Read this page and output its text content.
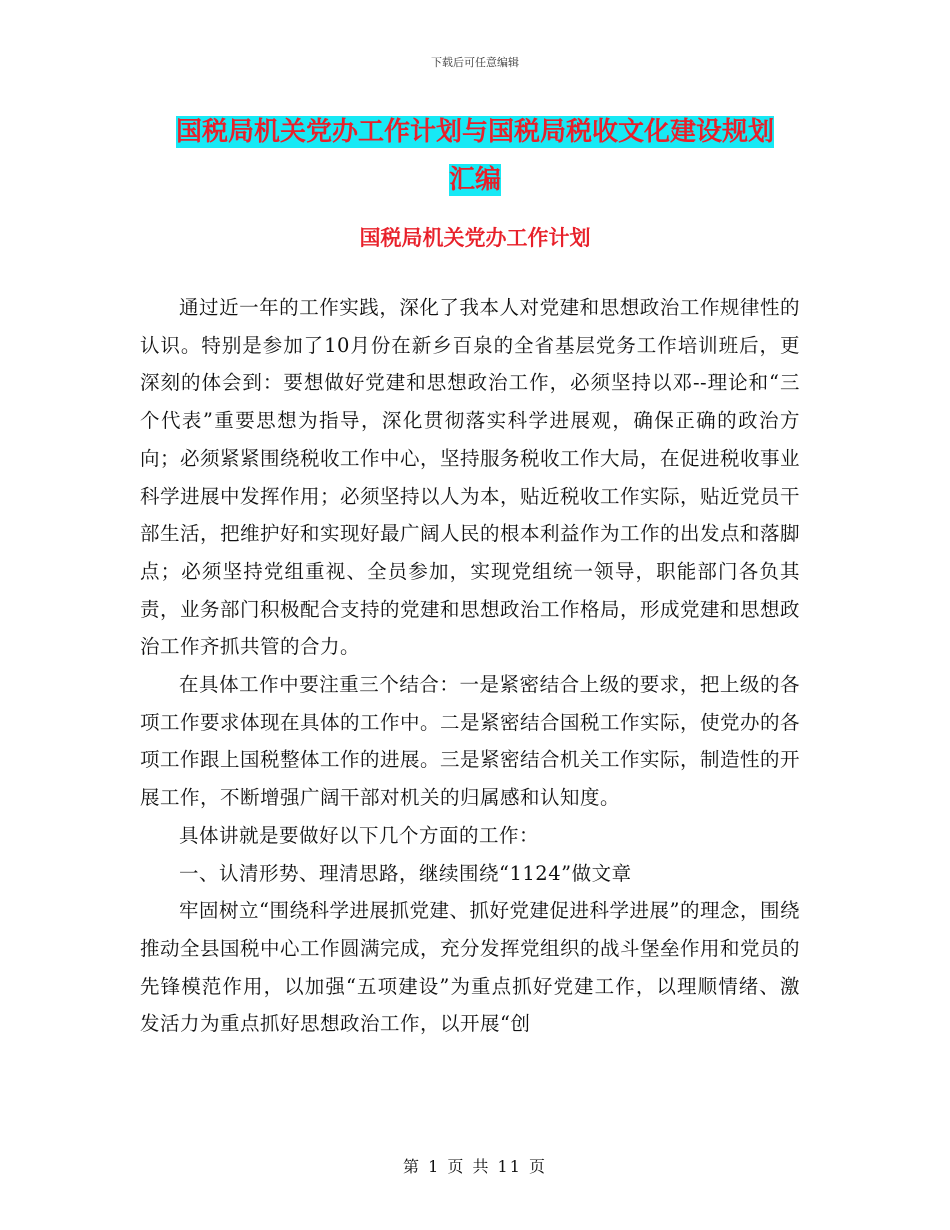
下载后可任意编辑
国税局机关党办工作计划与国税局税收文化建设规划
汇编
国税局机关党办工作计划

通过近一年的工作实践，深化了我本人对党建和思想政治工作规律性的认识。特别是参加了10月份在新乡百泉的全省基层党务工作培训班后，更深刻的体会到：要想做好党建和思想政治工作，必须坚持以邓--理论和“三个代表”重要思想为指导，深化贯彻落实科学进展观，确保正确的政治方向；必须紧紧围绕税收工作中心，坚持服务税收工作大局，在促进税收事业科学进展中发挥作用；必须坚持以人为本，贴近税收工作实际，贴近党员干部生活，把维护好和实现好最广阔人民的根本利益作为工作的出发点和落脚点；必须坚持党组重视、全员参加，实现党组统一领导，职能部门各负其责，业务部门积极配合支持的党建和思想政治工作格局，形成党建和思想政治工作齐抓共管的合力。

在具体工作中要注重三个结合：一是紧密结合上级的要求，把上级的各项工作要求体现在具体的工作中。二是紧密结合国税工作实际，使党办的各项工作跟上国税整体工作的进展。三是紧密结合机关工作实际，制造性的开展工作，不断增强广阔干部对机关的归属感和认知度。

具体讲就是要做好以下几个方面的工作：

一、认清形势、理清思路，继续围绕“1124”做文章

牢固树立“围绕科学进展抓党建、抓好党建促进科学进展”的理念，围绕推动全县国税中心工作圆满完成，充分发挥党组织的战斗堡垒作用和党员的先锋模范作用，以加强“五项建设”为重点抓好党建工作，以理顺情绪、激发活力为重点抓好思想政治工作，以开展“创

第 1 页 共 11 页
